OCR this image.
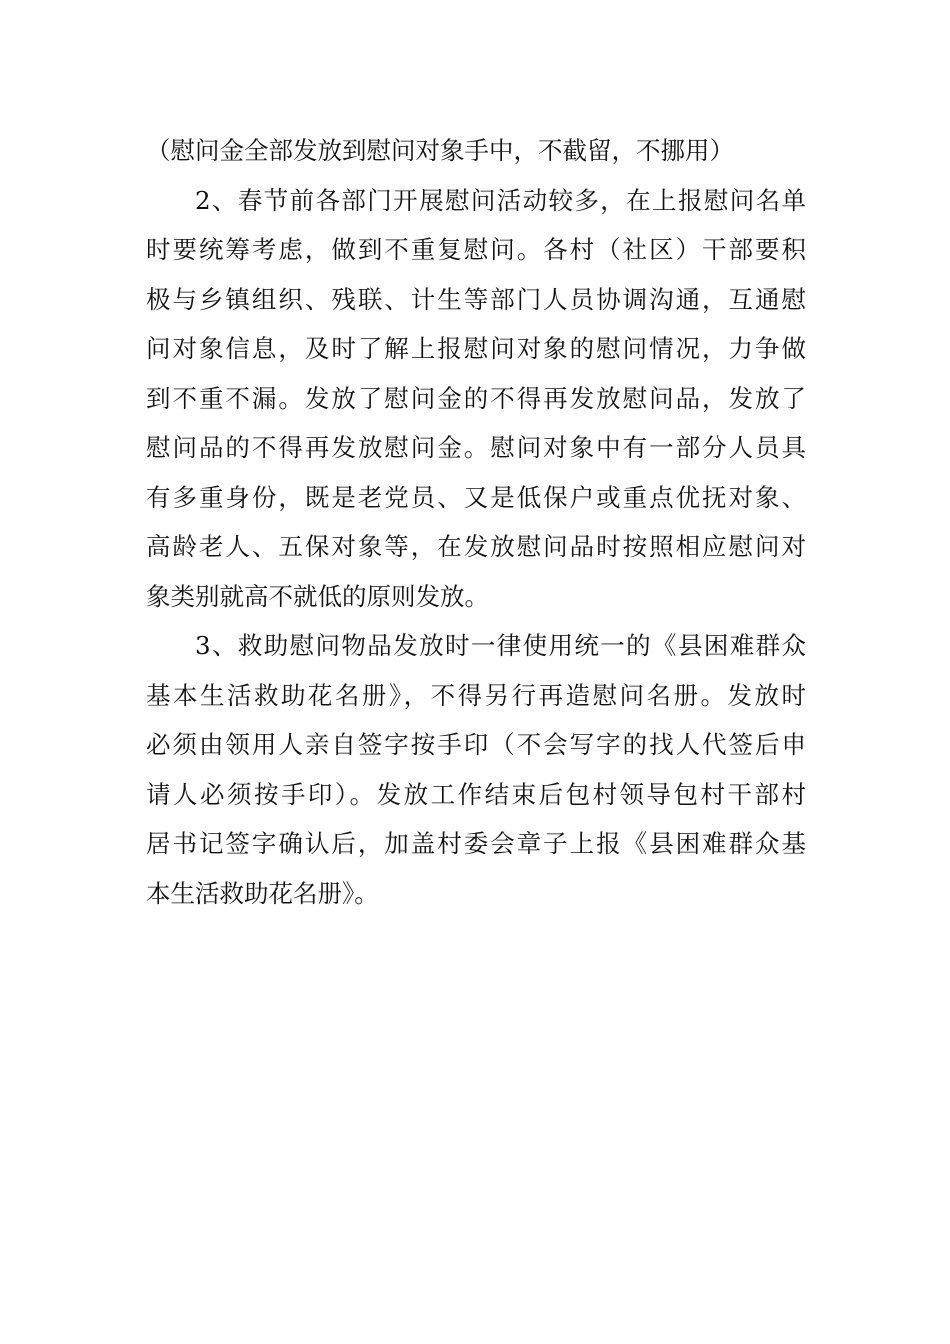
（慰问金全部发放到慰问对象手中，不截留，不挪用）
2、春节前各部门开展慰问活动较多，在上报慰问名单
时要统筹考虑，做到不重复慰问。各村（社区）干部要积
极与乡镇组织、残联、计生等部门人员协调沟通，互通慰
问对象信息，及时了解上报慰问对象的慰问情况，力争做
到不重不漏。发放了慰问金的不得再发放慰问品，发放了
慰问品的不得再发放慰问金。慰问对象中有一部分人员具
有多重身份，既是老党员、又是低保户或重点优抚对象、
高龄老人、五保对象等，在发放慰问品时按照相应慰问对
象类别就高不就低的原则发放。
3、救助慰问物品发放时一律使用统一的《县困难群众
基本生活救助花名册》，不得另行再造慰问名册。发放时
必须由领用人亲自签字按手印（不会写字的找人代签后申
请人必须按手印）。发放工作结束后包村领导包村干部村
居书记签字确认后，加盖村委会章子上报《县困难群众基
本生活救助花名册》。
